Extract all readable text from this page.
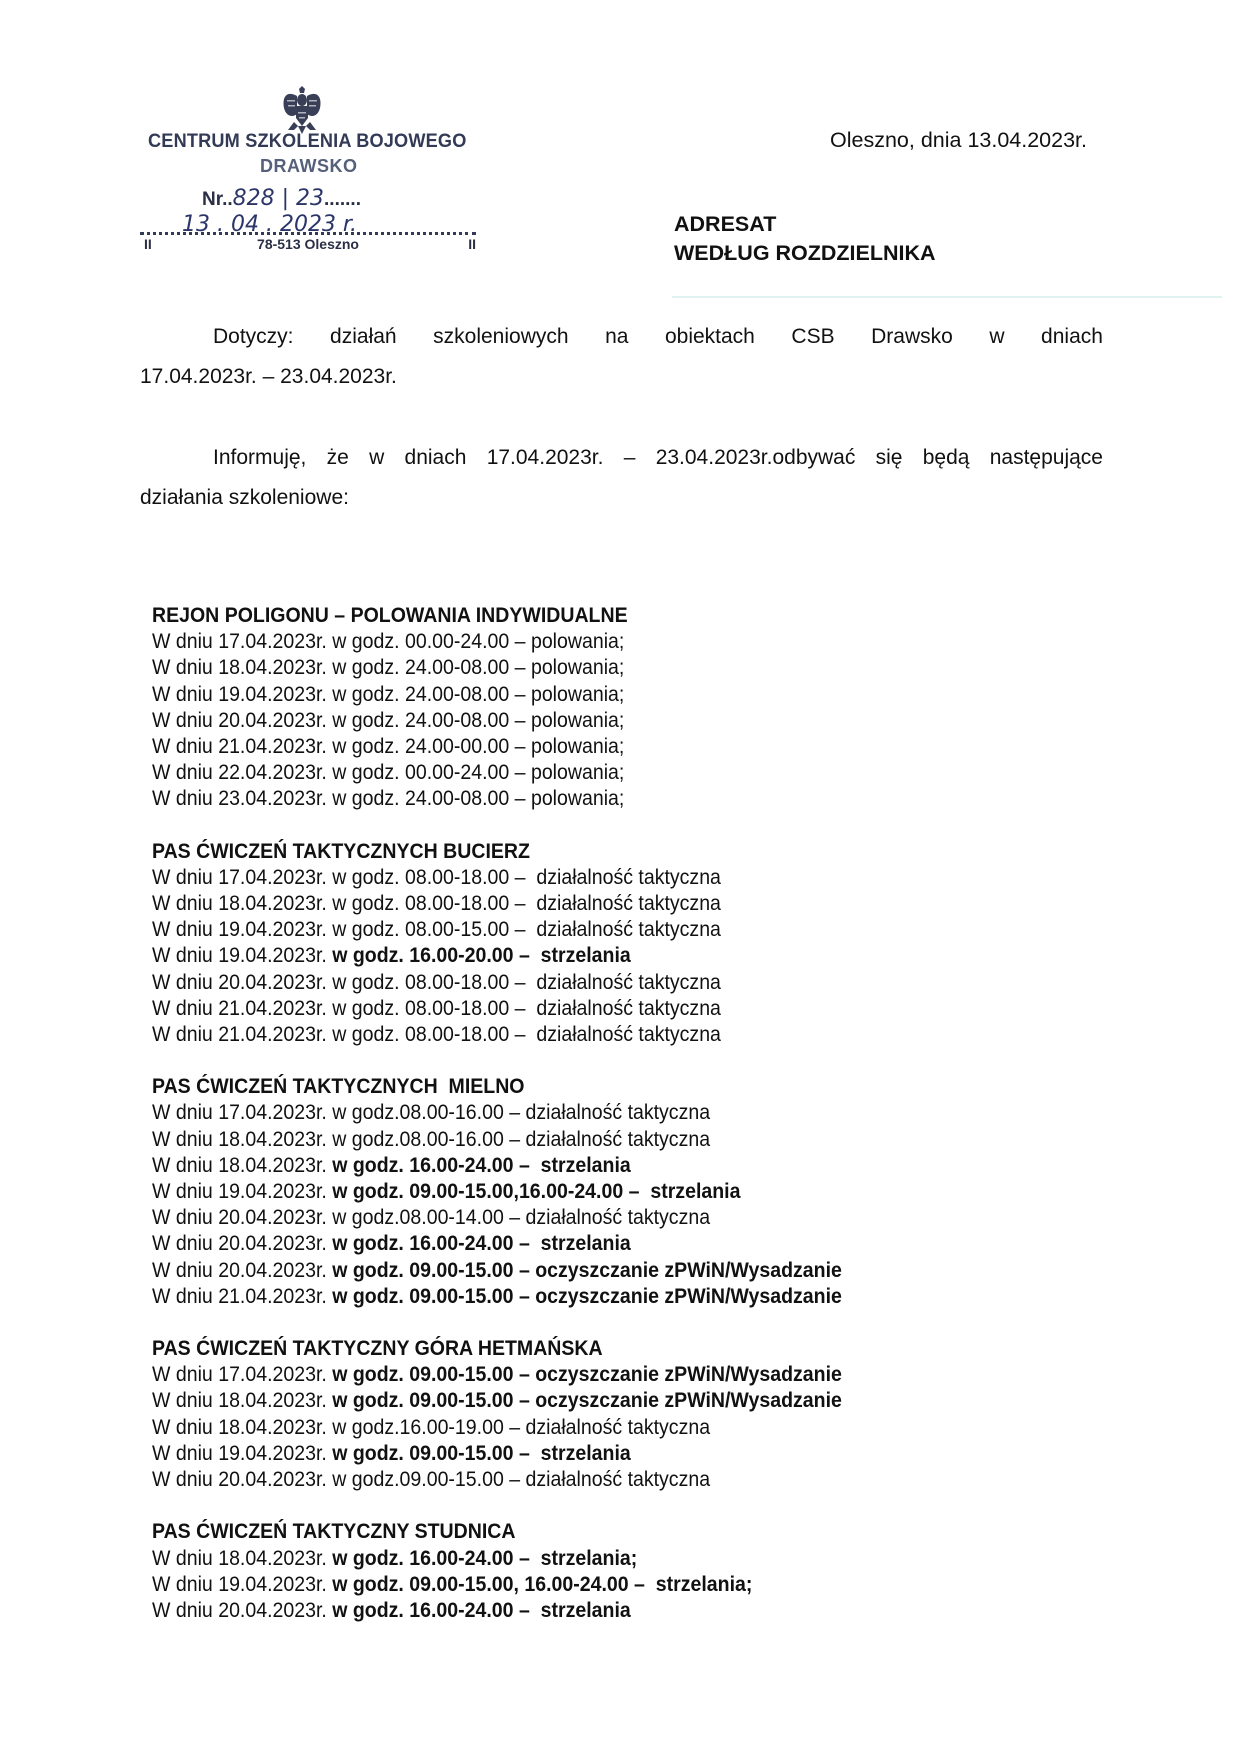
CENTRUM SZKOLENIA BOJOWEGO
DRAWSKO
Nr..828 | 23.......
13 . 04 . 2023 r.
II	78-513 Oleszno	II
Oleszno, dnia 13.04.2023r.
ADRESAT
WEDŁUG ROZDZIELNIKA
Dotyczy: działań szkoleniowych na obiektach CSB Drawsko w dniach
17.04.2023r. – 23.04.2023r.
Informuję, że w dniach 17.04.2023r. – 23.04.2023r.odbywać się będą następujące
działania szkoleniowe:
REJON POLIGONU – POLOWANIA INDYWIDUALNE
W dniu 17.04.2023r. w godz. 00.00-24.00 – polowania;
W dniu 18.04.2023r. w godz. 24.00-08.00 – polowania;
W dniu 19.04.2023r. w godz. 24.00-08.00 – polowania;
W dniu 20.04.2023r. w godz. 24.00-08.00 – polowania;
W dniu 21.04.2023r. w godz. 24.00-00.00 – polowania;
W dniu 22.04.2023r. w godz. 00.00-24.00 – polowania;
W dniu 23.04.2023r. w godz. 24.00-08.00 – polowania;
PAS ĆWICZEŃ TAKTYCZNYCH BUCIERZ
W dniu 17.04.2023r. w godz. 08.00-18.00 –  działalność taktyczna
W dniu 18.04.2023r. w godz. 08.00-18.00 –  działalność taktyczna
W dniu 19.04.2023r. w godz. 08.00-15.00 –  działalność taktyczna
W dniu 19.04.2023r. w godz. 16.00-20.00 –  strzelania
W dniu 20.04.2023r. w godz. 08.00-18.00 –  działalność taktyczna
W dniu 21.04.2023r. w godz. 08.00-18.00 –  działalność taktyczna
W dniu 21.04.2023r. w godz. 08.00-18.00 –  działalność taktyczna
PAS ĆWICZEŃ TAKTYCZNYCH  MIELNO
W dniu 17.04.2023r. w godz.08.00-16.00 – działalność taktyczna
W dniu 18.04.2023r. w godz.08.00-16.00 – działalność taktyczna
W dniu 18.04.2023r. w godz. 16.00-24.00 –  strzelania
W dniu 19.04.2023r. w godz. 09.00-15.00,16.00-24.00 –  strzelania
W dniu 20.04.2023r. w godz.08.00-14.00 – działalność taktyczna
W dniu 20.04.2023r. w godz. 16.00-24.00 –  strzelania
W dniu 20.04.2023r. w godz. 09.00-15.00 – oczyszczanie zPWiN/Wysadzanie
W dniu 21.04.2023r. w godz. 09.00-15.00 – oczyszczanie zPWiN/Wysadzanie
PAS ĆWICZEŃ TAKTYCZNY GÓRA HETMAŃSKA
W dniu 17.04.2023r. w godz. 09.00-15.00 – oczyszczanie zPWiN/Wysadzanie
W dniu 18.04.2023r. w godz. 09.00-15.00 – oczyszczanie zPWiN/Wysadzanie
W dniu 18.04.2023r. w godz.16.00-19.00 – działalność taktyczna
W dniu 19.04.2023r. w godz. 09.00-15.00 –  strzelania
W dniu 20.04.2023r. w godz.09.00-15.00 – działalność taktyczna
PAS ĆWICZEŃ TAKTYCZNY STUDNICA
W dniu 18.04.2023r. w godz. 16.00-24.00 –  strzelania;
W dniu 19.04.2023r. w godz. 09.00-15.00, 16.00-24.00 –  strzelania;
W dniu 20.04.2023r. w godz. 16.00-24.00 –  strzelania
